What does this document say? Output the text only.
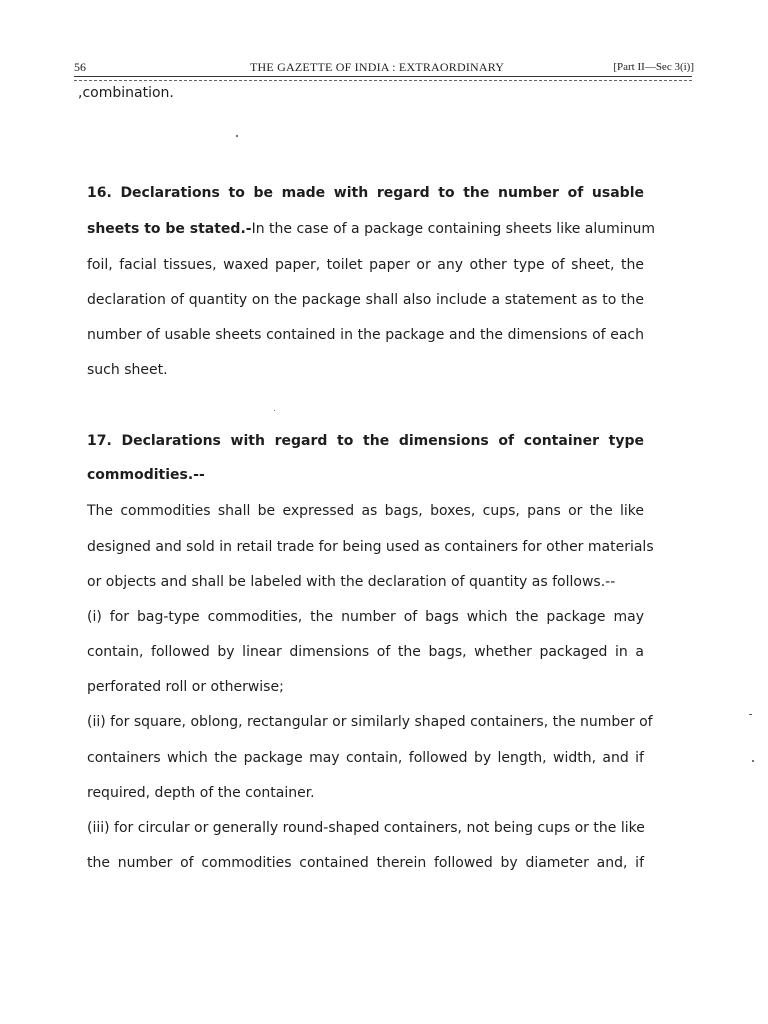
56	THE GAZETTE OF INDIA : EXTRAORDINARY	[Part II—Sec 3(i)]
,combination.
16. Declarations to be made with regard to the number of usable
sheets to be stated.-In the case of a package containing sheets like aluminum
foil, facial tissues, waxed paper, toilet paper or any other type of sheet, the
declaration of quantity on the package shall also include a statement as to the
number of usable sheets contained in the package and the dimensions of each
such sheet.
17. Declarations with regard to the dimensions of container type
commodities.--
The commodities shall be expressed as bags, boxes, cups, pans or the like
designed and sold in retail trade for being used as containers for other materials
or objects and shall be labeled with the declaration of quantity as follows.--
(i) for bag-type commodities, the number of bags which the package may
contain, followed by linear dimensions of the bags, whether packaged in a
perforated roll or otherwise;
(ii) for square, oblong, rectangular or similarly shaped containers, the number of
containers which the package may contain, followed by length, width, and if
required, depth of the container.
(iii) for circular or generally round-shaped containers, not being cups or the like
the number of commodities contained therein followed by diameter and, if
